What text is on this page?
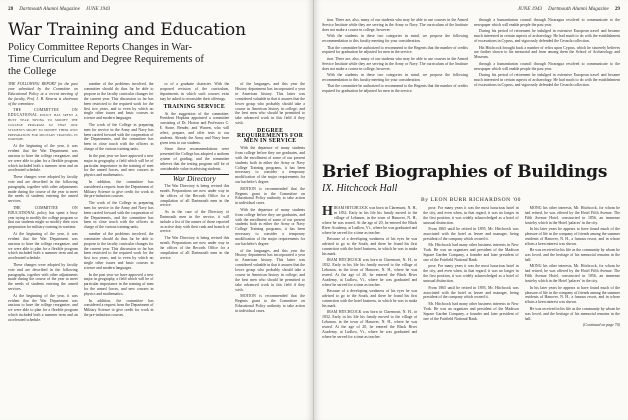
28 Dartmouth Alumni Magazine JUNE 1943
War Training and Education

Policy Committee Reports Changes in War-Time Curriculum and Degree Requirements of the College

THE FOLLOWING REPORT for the past year submitted by the Committee on Educational Policy at a recent meeting of the faculty, Prof. J. B. Stearns is chairman of the committee.

THE COMMITTEE ON EDUCATIONAL policy has spent a busy year trying to modify the college program so that our students might so modify their own preparation for military training in wartime.

At the beginning of the year, it was evident that the War Department was anxious to have the college reorganize, and we were able to plan for a flexible program which included both a summer term and an accelerated schedule.

These changes were adopted by faculty vote and are described in the following paragraphs, together with other adjustments made during the course of the year to meet the needs of students entering the armed services.

THE COMMITTEE ON EDUCATIONAL policy has spent a busy year trying to modify the college program so that our students might so modify their own preparation for military training in wartime.

At the beginning of the year, it was evident that the War Department was anxious to have the college reorganize, and we were able to plan for a flexible program which included both a summer term and an accelerated schedule.

These changes were adopted by faculty vote and are described in the following paragraphs, together with other adjustments made during the course of the year to meet the needs of students entering the armed services.

At the beginning of the year, it was evident that the War Department was anxious to have the college reorganize, and we were able to plan for a flexible program which included both a summer term and an accelerated schedule.

number of the problems involved, the committee should do thus far be able to propose to the faculty curricular changes for the current year. This discussion so far has been restricted to the required work for the first two years, and to even by which no single other issues and basic courses in science and modern languages.

The work of the College in preparing men for service in the Army and Navy has been carried forward with the cooperation of the Departments, and the committee has been in close touch with the officers in charge of the various training units.

In the past year we have approved a new major in geography, a field which will be of particular importance in the training of men for the armed forces, and new courses in physics and mathematics.

In addition, the committee has considered a request from the Department of Military Science to give credit for work in the pre-induction courses.

The work of the College in preparing men for service in the Army and Navy has been carried forward with the cooperation of the Departments, and the committee has been in close touch with the officers in charge of the various training units.

number of the problems involved, the committee should do thus far be able to propose to the faculty curricular changes for the current year. This discussion so far has been restricted to the required work for the first two years, and to even by which no single other issues and basic courses in science and modern languages.

In the past year we have approved a new major in geography, a field which will be of particular importance in the training of men for the armed forces, and new courses in physics and mathematics.

In addition, the committee has considered a request from the Department of Military Science to give credit for work in the pre-induction courses.

or of a graduate character. With the proposed revision of the curriculum, departments in which such courses exist may be asked to reconsider their offerings.

TRAINING SERVICE

At the suggestion of the committee, President Hopkins appointed a committee consisting of Dr. Horton and Professors C. E. Stone, Bender, and Warren, who will select, prepare, and offer tests to our students. Already the Army and Navy have given tests to our students.

Since these recommendations were presented the College has adopted a uniform system of grading, and the committee believes that the testing program will be of considerable value in advising students.

War Directory

The War Directory is being revised this month. Preparations are now under way in the offices of the Records Office for a compilation of all Dartmouth men in the service.

As in the case of the Directory of Dartmouth men in the service, it will include a list of the names of those reported on active duty with their rank and branch of service.

The War Directory is being revised this month. Preparations are now under way in the offices of the Records Office for a compilation of all Dartmouth men in the service.

of the languages, and this year the History department has incorporated a year in American history. This latter was considered valuable in that it assures that the lower group who probably should take a course in American history in college, and the best men who should be permitted to take advanced work in this field if they wish.

DEGREE REQUIREMENTS FOR MEN IN SERVICE

With the departure of many students from college before they are graduates, and with the enrollment of some of our present students both in either the Army or Navy College Training programs, it has been necessary to consider a temporary modification of the major requirements for our bachelor's degree.

MOTION is recommended that the Regents grant to the Committee on Educational Policy authority to take action in individual cases.

With the departure of many students from college before they are graduates, and with the enrollment of some of our present students both in either the Army or Navy College Training programs, it has been necessary to consider a temporary modification of the major requirements for our bachelor's degree.

of the languages, and this year the History department has incorporated a year in American history. This latter was considered valuable in that it assures that the lower group who probably should take a course in American history in college, and the best men who should be permitted to take advanced work in this field if they wish.

MOTION is recommended that the Regents grant to the Committee on Educational Policy authority to take action in individual cases.

JUNE 1943 Dartmouth Alumni Magazine 29

tion. There are, also, many of our students who may be able to use courses in the Armed Service Institute while they are serving in the Army or Navy. The curriculum of the Institute does not make a course in college, however.

With the students in these two categories in mind, we propose the following recommendation to this faculty meeting for your consideration.

That the committee be authorized to recommend to the Regents that the number of credits required for graduation be adjusted for men in the service.

tion. There are, also, many of our students who may be able to use courses in the Armed Service Institute while they are serving in the Army or Navy. The curriculum of the Institute does not make a course in college, however.

With the students in these two categories in mind, we propose the following recommendation to this faculty meeting for your consideration.

That the committee be authorized to recommend to the Regents that the number of credits required for graduation be adjusted for men in the service.

through a humanitarian council through Nicaragua resolved to communicate to the newspaper which will enable people the past year.

During his period of retirement he indulged in extensive European travel and became much interested in certain aspects of archaeology. He had much to do with the establishment of excavations in Cyprus, and vigorously defended the Cesnola collection.

His Hitchcock brought back a number of relics upon Cyprus, which he sincerely believes are further shown to his memorial and from among them the School of Archaeology and Museum.

through a humanitarian council through Nicaragua resolved to communicate to the newspaper which will enable people the past year.

During his period of retirement he indulged in extensive European travel and became much interested in certain aspects of archaeology. He had much to do with the establishment of excavations in Cyprus, and vigorously defended the Cesnola collection.

Brief Biographies of Buildings
IX. Hitchcock Hall
By LEON BURR RICHARDSON '00

HIRAM HITCHCOCK was born in Claremont, N. H., in 1832. Early in his life his family moved to the village of Lebanon, in the town of Hanover, N. H., where he was reared. At the age of 20, he entered the Black River Academy, at Ludlow, Vt., where he was graduated and where he served for a time as teacher.

Because of a developing weakness of his eyes he was advised to go to the South, and there he found his first connection with the hotel business, in which he was to make his mark.

IRAM HITCHCOCK was born in Claremont, N. H., in 1832. Early in his life his family moved to the village of Lebanon, in the town of Hanover, N. H., where he was reared. At the age of 20, he entered the Black River Academy, at Ludlow, Vt., where he was graduated and where he served for a time as teacher.

Because of a developing weakness of his eyes he was advised to go to the South, and there he found his first connection with the hotel business, in which he was to make his mark.

IRAM HITCHCOCK was born in Claremont, N. H., in 1832. Early in his life his family moved to the village of Lebanon, in the town of Hanover, N. H., where he was reared. At the age of 20, he entered the Black River Academy, at Ludlow, Vt., where he was graduated and where he served for a time as teacher.

pose. For many years it was the most luxurious hotel in the city, and even when, in that regard, it was no longer in the first position, it was widely acknowledged as a hotel of unusual distinction.

From 1865 until he retired in 1895, Mr. Hitchcock was associated with the hotel as lessee and manager, being president of the company which owned it.

Mr. Hitchcock had many other business interests in New York. He was an organizer and president of the Madison Square Garden Company, a founder and later president of one of the Fairfield National Bank.

pose. For many years it was the most luxurious hotel in the city, and even when, in that regard, it was no longer in the first position, it was widely acknowledged as a hotel of unusual distinction.

From 1865 until he retired in 1895, Mr. Hitchcock was associated with the hotel as lessee and manager, being president of the company which owned it.

Mr. Hitchcock had many other business interests in New York. He was an organizer and president of the Madison Square Garden Company, a founder and later president of one of the Fairfield National Bank.

MONG his other interests, Mr. Hitchcock, for whom he had retired, he was offered by the Hotel Fifth Avenue. The Fifth Avenue Hotel, constructed in 1856, an immense hostelry which in the Hotel 'palaces' in the city.

In his later years he appears to have found much of the pleasure of life in the company of friends among the summer residents of Hanover, N. H., a famous resort, and in whose affairs a keen interest was shown.

He was received in his life as the community by whom he was loved, and the heritage of his memorial remains in the hall.

MONG his other interests, Mr. Hitchcock, for whom he had retired, he was offered by the Hotel Fifth Avenue. The Fifth Avenue Hotel, constructed in 1856, an immense hostelry which in the Hotel 'palaces' in the city.

In his later years he appears to have found much of the pleasure of life in the company of friends among the summer residents of Hanover, N. H., a famous resort, and in whose affairs a keen interest was shown.

He was received in his life as the community by whom he was loved, and the heritage of his memorial remains in the hall.

(Continued on page 70)
